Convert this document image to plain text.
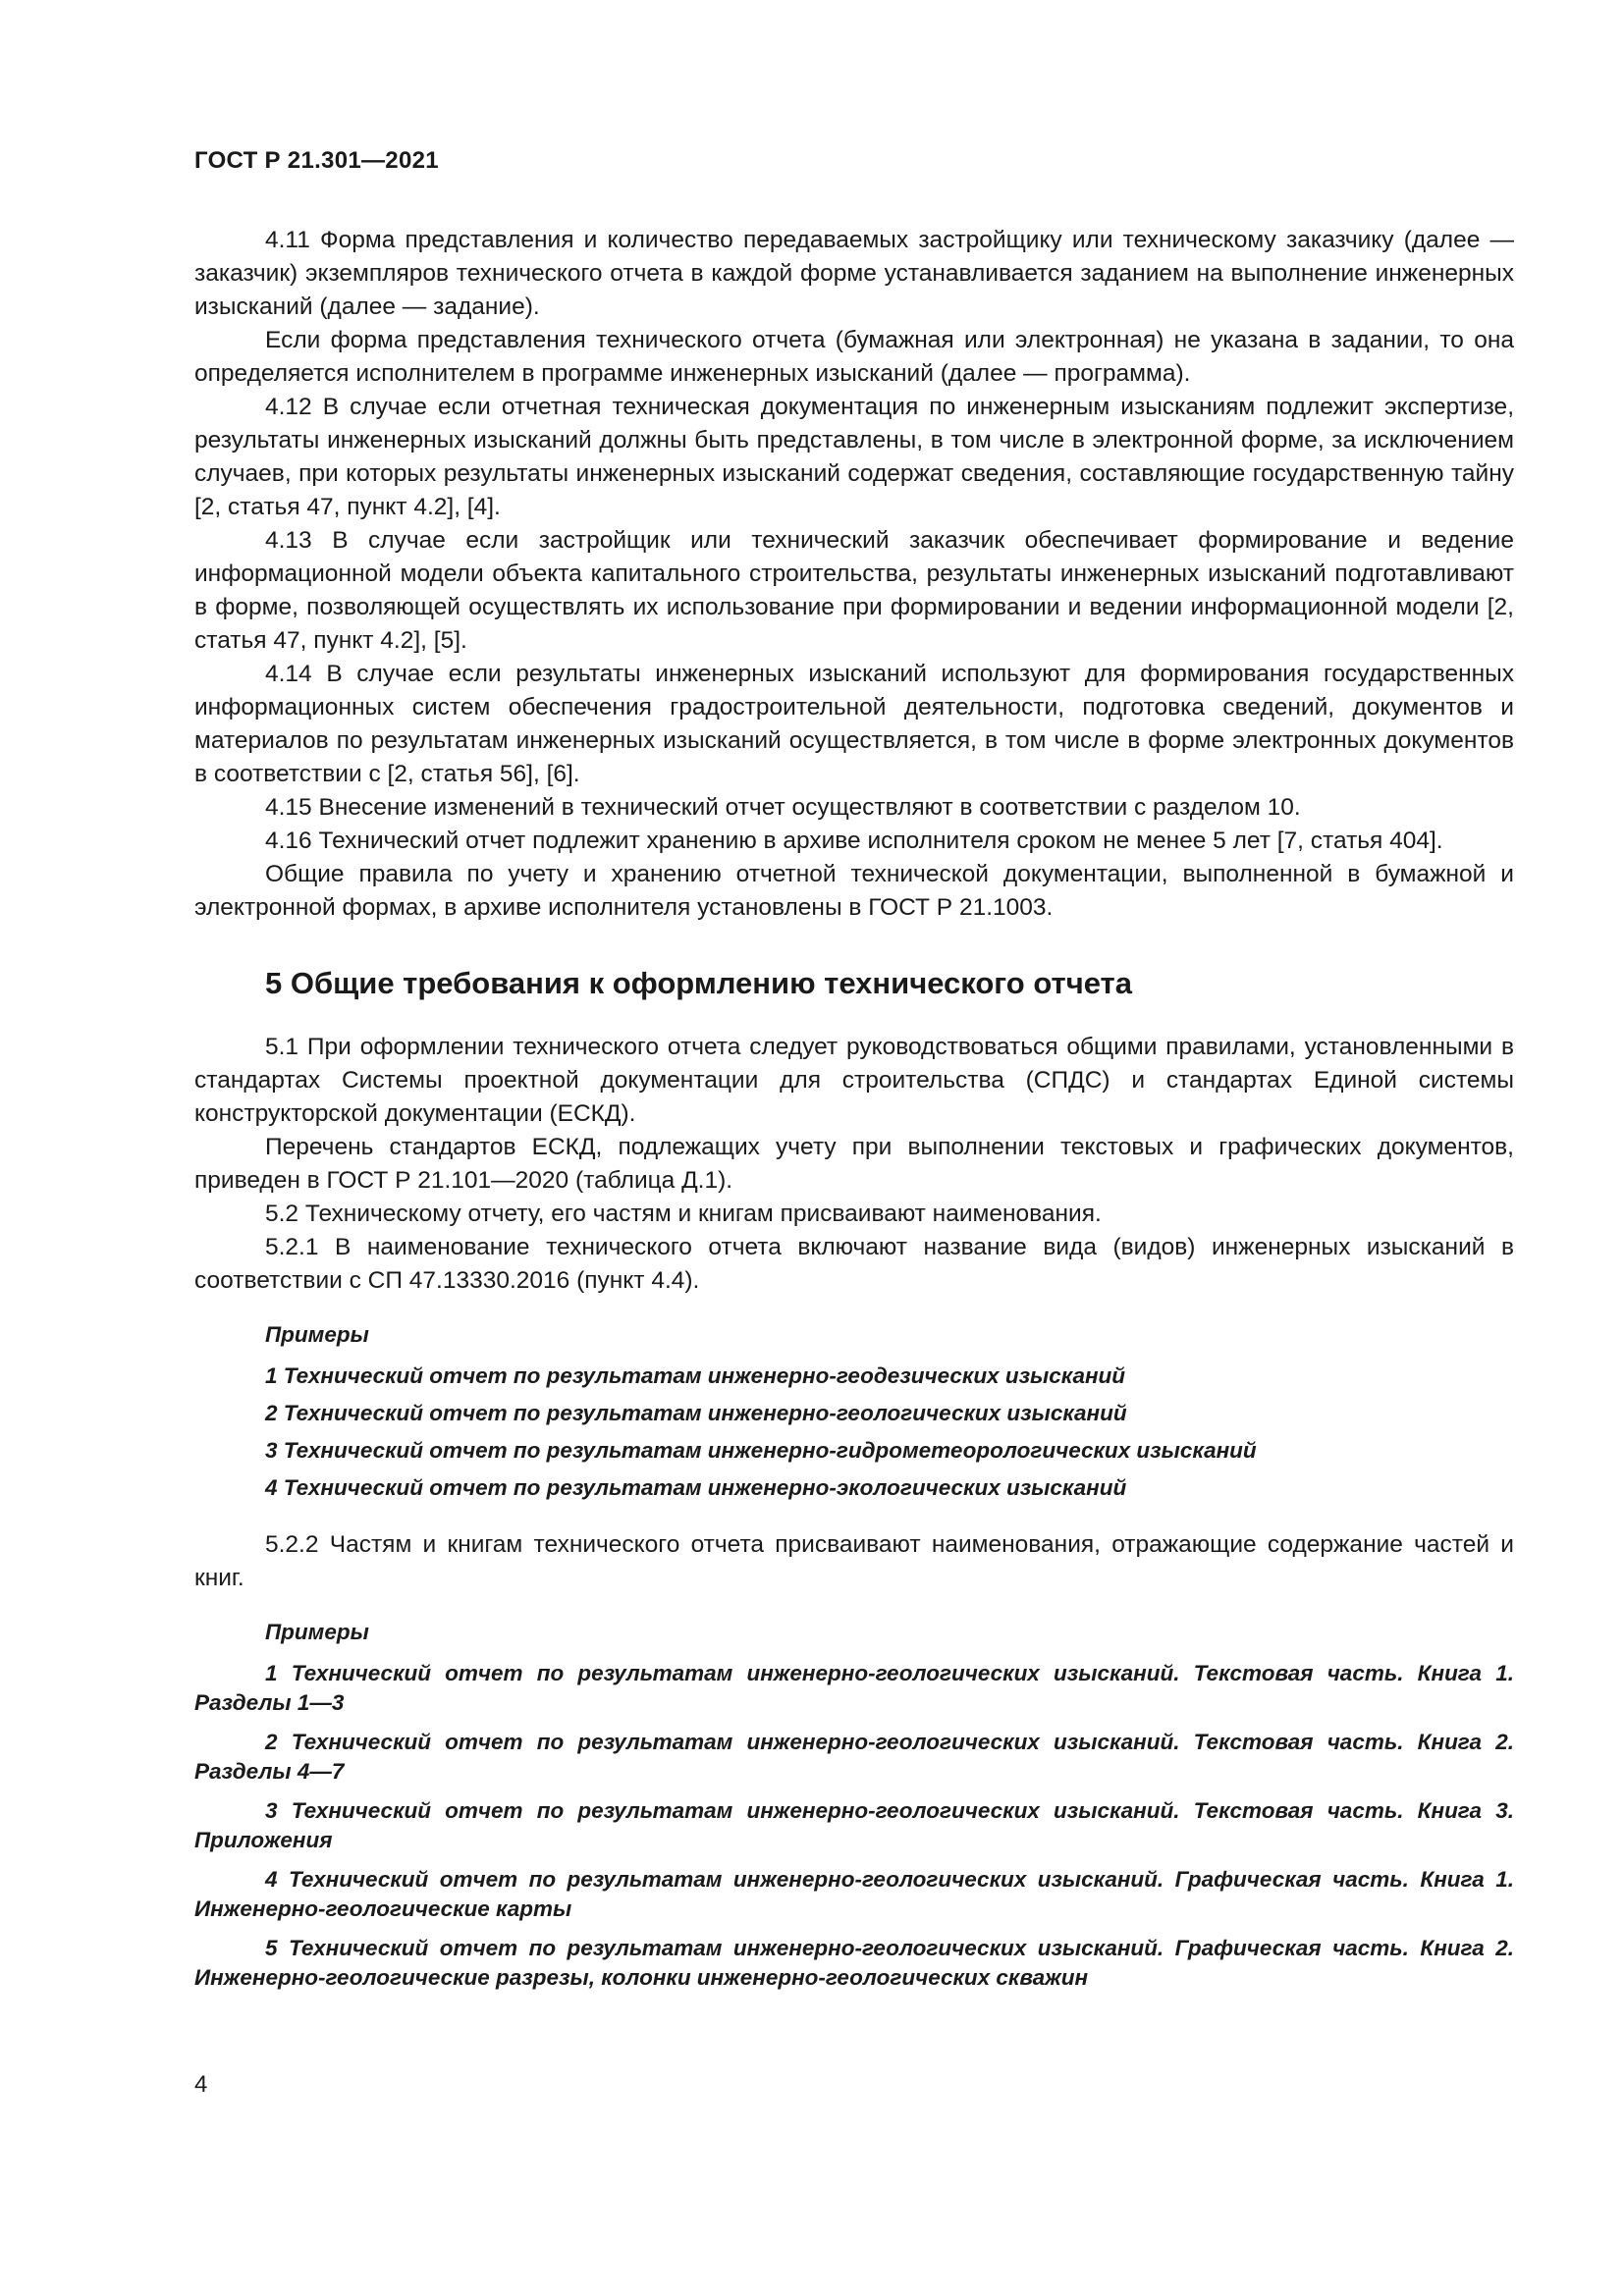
ГОСТ Р 21.301—2021

4.11 Форма представления и количество передаваемых застройщику или техническому заказчику (далее — заказчик) экземпляров технического отчета в каждой форме устанавливается заданием на выполнение инженерных изысканий (далее — задание).

Если форма представления технического отчета (бумажная или электронная) не указана в задании, то она определяется исполнителем в программе инженерных изысканий (далее — программа).

4.12 В случае если отчетная техническая документация по инженерным изысканиям подлежит экспертизе, результаты инженерных изысканий должны быть представлены, в том числе в электронной форме, за исключением случаев, при которых результаты инженерных изысканий содержат сведения, составляющие государственную тайну [2, статья 47, пункт 4.2], [4].

4.13 В случае если застройщик или технический заказчик обеспечивает формирование и ведение информационной модели объекта капитального строительства, результаты инженерных изысканий подготавливают в форме, позволяющей осуществлять их использование при формировании и ведении информационной модели [2, статья 47, пункт 4.2], [5].

4.14 В случае если результаты инженерных изысканий используют для формирования государственных информационных систем обеспечения градостроительной деятельности, подготовка сведений, документов и материалов по результатам инженерных изысканий осуществляется, в том числе в форме электронных документов в соответствии с [2, статья 56], [6].

4.15 Внесение изменений в технический отчет осуществляют в соответствии с разделом 10.

4.16 Технический отчет подлежит хранению в архиве исполнителя сроком не менее 5 лет [7, статья 404].

Общие правила по учету и хранению отчетной технической документации, выполненной в бумажной и электронной формах, в архиве исполнителя установлены в ГОСТ Р 21.1003.

5 Общие требования к оформлению технического отчета

5.1 При оформлении технического отчета следует руководствоваться общими правилами, установленными в стандартах Системы проектной документации для строительства (СПДС) и стандартах Единой системы конструкторской документации (ЕСКД).

Перечень стандартов ЕСКД, подлежащих учету при выполнении текстовых и графических документов, приведен в ГОСТ Р 21.101—2020 (таблица Д.1).

5.2 Техническому отчету, его частям и книгам присваивают наименования.

5.2.1 В наименование технического отчета включают название вида (видов) инженерных изысканий в соответствии с СП 47.13330.2016 (пункт 4.4).

Примеры

1 Технический отчет по результатам инженерно-геодезических изысканий

2 Технический отчет по результатам инженерно-геологических изысканий

3 Технический отчет по результатам инженерно-гидрометеорологических изысканий

4 Технический отчет по результатам инженерно-экологических изысканий

5.2.2 Частям и книгам технического отчета присваивают наименования, отражающие содержание частей и книг.

Примеры

1 Технический отчет по результатам инженерно-геологических изысканий. Текстовая часть. Книга 1. Разделы 1—3

2 Технический отчет по результатам инженерно-геологических изысканий. Текстовая часть. Книга 2. Разделы 4—7

3 Технический отчет по результатам инженерно-геологических изысканий. Текстовая часть. Книга 3. Приложения

4 Технический отчет по результатам инженерно-геологических изысканий. Графическая часть. Книга 1. Инженерно-геологические карты

5 Технический отчет по результатам инженерно-геологических изысканий. Графическая часть. Книга 2. Инженерно-геологические разрезы, колонки инженерно-геологических скважин

4
